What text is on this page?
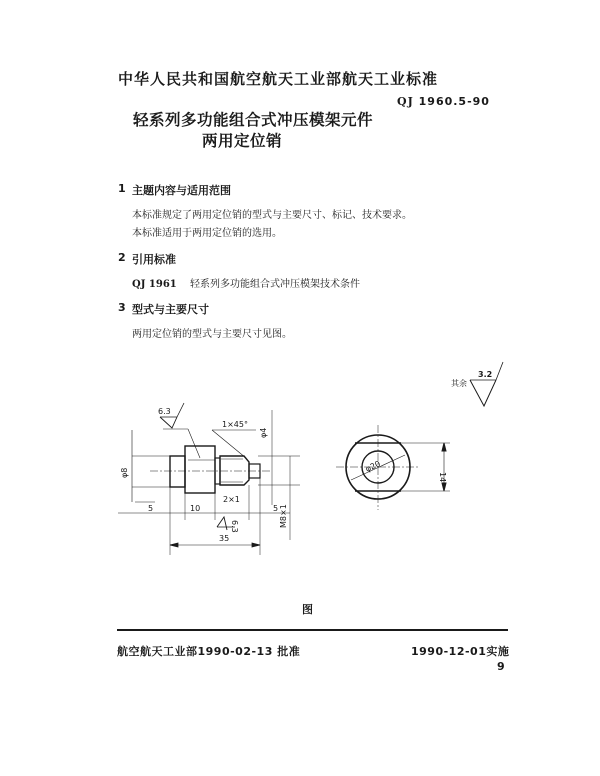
中华人民共和国航空航天工业部航天工业标准
QJ 1960.5-90
轻系列多功能组合式冲压模架元件
两用定位销
1 主题内容与适用范围
本标准规定了两用定位销的型式与主要尺寸、标记、技术要求。
本标准适用于两用定位销的选用。
2 引用标准
QJ 1961 轻系列多功能组合式冲压模架技术条件
3 型式与主要尺寸
两用定位销的型式与主要尺寸见图。
其余
3.2
6.3
1×45°
φ8
φ4
M8×1
2×1
5	10	5
35
6.3
φ20
14
图
航空航天工业部1990-02-13 批准	1990-12-01实施
9
